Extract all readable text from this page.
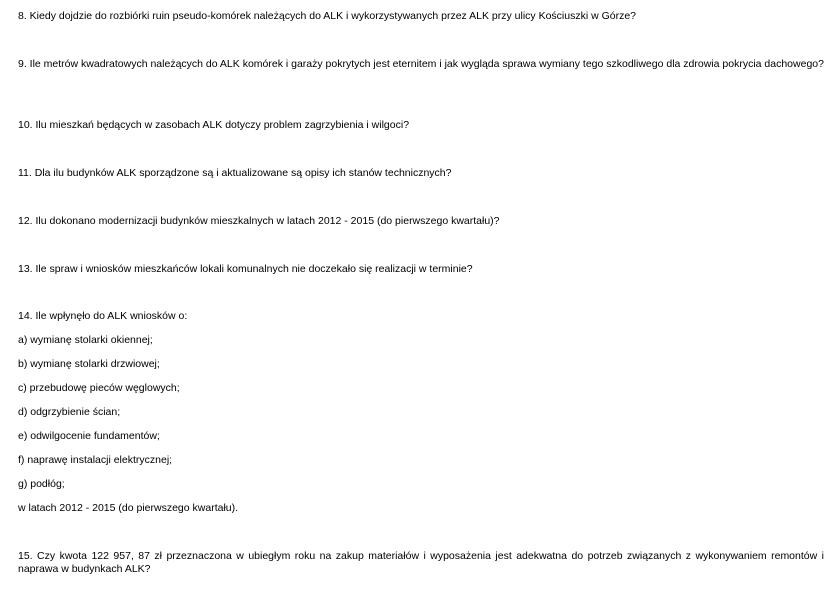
8. Kiedy dojdzie do rozbiórki ruin pseudo-komórek należących do ALK i wykorzystywanych przez ALK przy ulicy Kościuszki w Górze?

9. Ile metrów kwadratowych należących do ALK komórek i garaży pokrytych jest eternitem i jak wygląda sprawa wymiany tego szkodliwego dla zdrowia pokrycia dachowego?

10. Ilu mieszkań będących w zasobach ALK dotyczy problem zagrzybienia i wilgoci?

11. Dla ilu budynków ALK sporządzone są i aktualizowane są opisy ich stanów technicznych?

12. Ilu dokonano modernizacji budynków mieszkalnych w latach 2012 - 2015 (do pierwszego kwartału)?

13. Ile spraw i wniosków mieszkańców lokali komunalnych nie doczekało się realizacji w terminie?

14. Ile wpłynęło do ALK wniosków o:

a) wymianę stolarki okiennej;

b) wymianę stolarki drzwiowej;

c) przebudowę pieców węglowych;

d) odgrzybienie ścian;

e) odwilgocenie fundamentów;

f) naprawę instalacji elektrycznej;

g) podłóg;

w latach 2012 - 2015 (do pierwszego kwartału).

15. Czy kwota 122 957, 87 zł przeznaczona w ubiegłym roku na zakup materiałów i wyposażenia jest adekwatna do potrzeb związanych z wykonywaniem remontów i naprawa w budynkach ALK?
